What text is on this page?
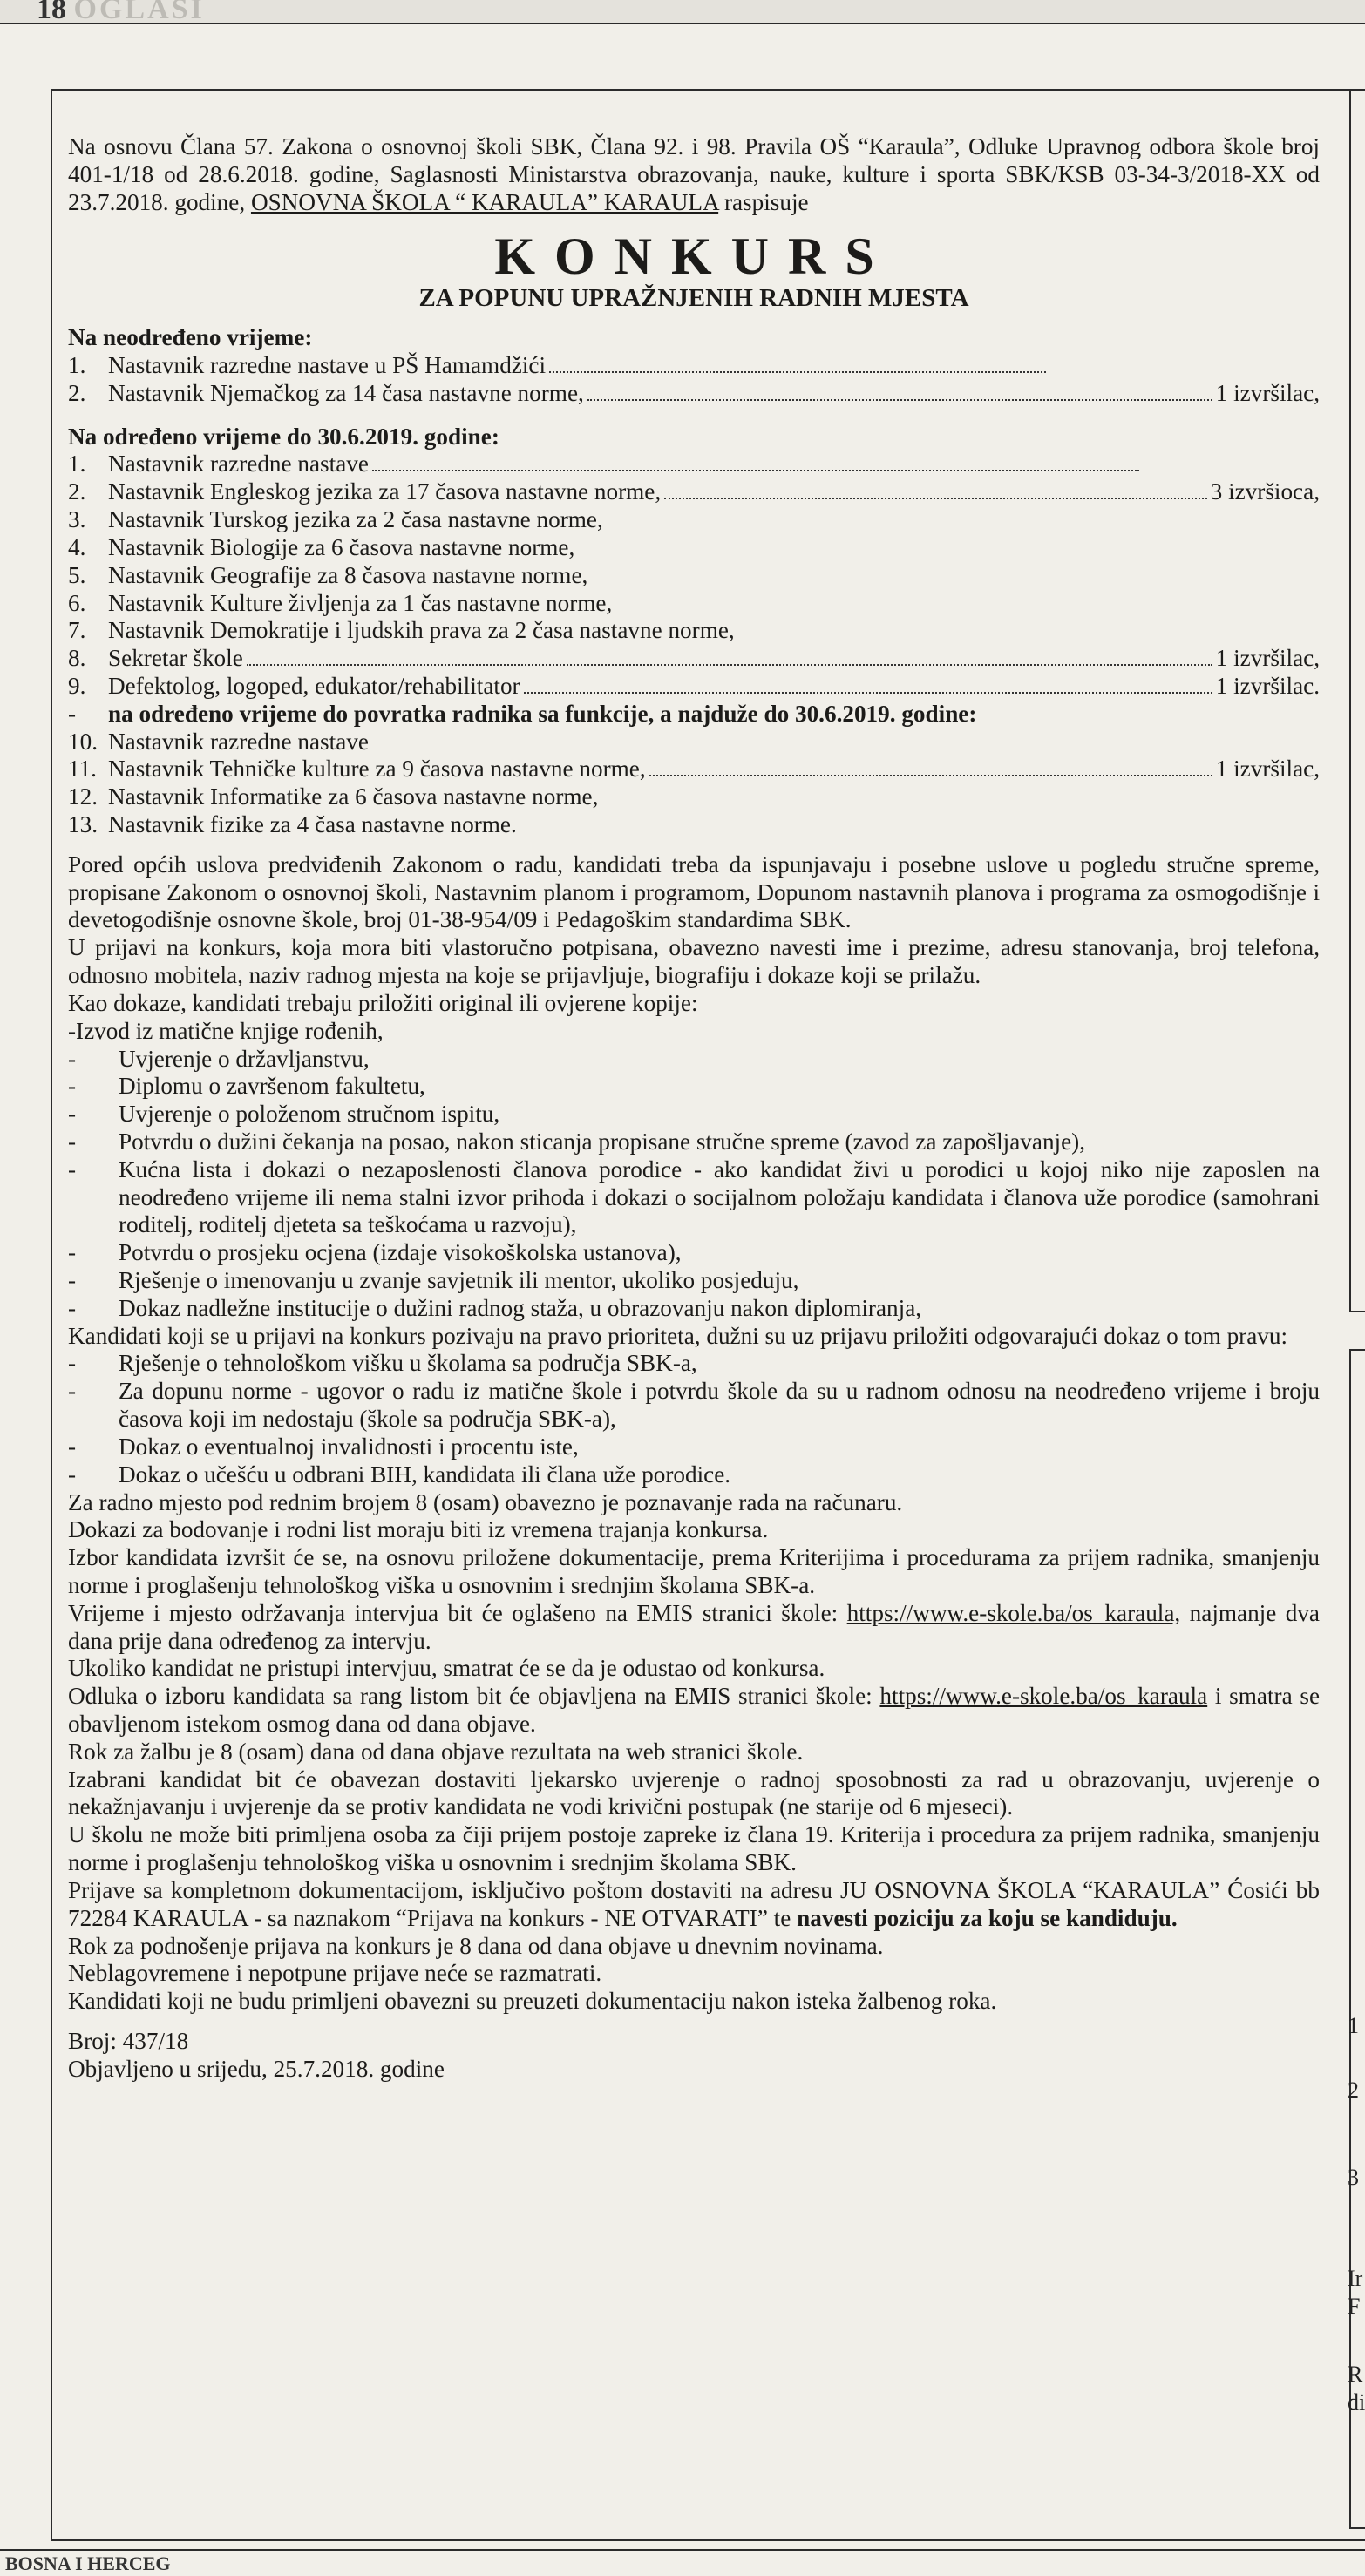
18 OGLASI
1
2
3
Ir
F
R
di

Na osnovu Člana 57. Zakona o osnovnoj školi SBK, Člana 92. i 98. Pravila OŠ “Karaula”, Odluke Upravnog odbora škole broj 401-1/18 od 28.6.2018. godine, Saglasnosti Ministarstva obrazovanja, nauke, kulture i sporta SBK/KSB 03-34-3/2018-XX od 23.7.2018. godine, OSNOVNA ŠKOLA “ KARAULA” KARAULA raspisuje

KONKURS
ZA POPUNU UPRAŽNJENIH RADNIH MJESTA
Na neodređeno vrijeme:
1. Nastavnik razredne nastave u PŠ Hamamdžići
2. Nastavnik Njemačkog za 14 časa nastavne norme,	1 izvršilac,
Na određeno vrijeme do 30.6.2019. godine:
1. Nastavnik razredne nastave
2. Nastavnik Engleskog jezika za 17 časova nastavne norme,	3 izvršioca,
3. Nastavnik Turskog jezika za 2 časa nastavne norme,
4. Nastavnik Biologije za 6 časova nastavne norme,
5. Nastavnik Geografije za 8 časova nastavne norme,
6. Nastavnik Kulture življenja za 1 čas nastavne norme,
7. Nastavnik Demokratije i ljudskih prava za 2 časa nastavne norme,
8. Sekretar škole	1 izvršilac,
9. Defektolog, logoped, edukator/rehabilitator	1 izvršilac.
-	na određeno vrijeme do povratka radnika sa funkcije, a najduže do 30.6.2019. godine:
10. Nastavnik razredne nastave
11. Nastavnik Tehničke kulture za 9 časova nastavne norme,	1 izvršilac,
12. Nastavnik Informatike za 6 časova nastavne norme,
13. Nastavnik fizike za 4 časa nastavne norme.

Pored općih uslova predviđenih Zakonom o radu, kandidati treba da ispunjavaju i posebne uslove u pogledu stručne spreme, propisane Zakonom o osnovnoj školi, Nastavnim planom i programom, Dopunom nastavnih planova i programa za osmogodišnje i devetogodišnje osnovne škole, broj 01-38-954/09 i Pedagoškim standardima SBK.

U prijavi na konkurs, koja mora biti vlastoručno potpisana, obavezno navesti ime i prezime, adresu stanovanja, broj telefona, odnosno mobitela, naziv radnog mjesta na koje se prijavljuje, biografiju i dokaze koji se prilažu.

Kao dokaze, kandidati trebaju priložiti original ili ovjerene kopije:

-Izvod iz matične knjige rođenih,

-	Uvjerenje o državljanstvu,
-	Diplomu o završenom fakultetu,
-	Uvjerenje o položenom stručnom ispitu,
-	Potvrdu o dužini čekanja na posao, nakon sticanja propisane stručne spreme (zavod za zapošljavanje),
-	Kućna lista i dokazi o nezaposlenosti članova porodice - ako kandidat živi u porodici u kojoj niko nije zaposlen na neodređeno vrijeme ili nema stalni izvor prihoda i dokazi o socijalnom položaju kandidata i članova uže porodice (samohrani roditelj, roditelj djeteta sa teškoćama u razvoju),
-	Potvrdu o prosjeku ocjena (izdaje visokoškolska ustanova),
-	Rješenje o imenovanju u zvanje savjetnik ili mentor, ukoliko posjeduju,
-	Dokaz nadležne institucije o dužini radnog staža, u obrazovanju nakon diplomiranja,

Kandidati koji se u prijavi na konkurs pozivaju na pravo prioriteta, dužni su uz prijavu priložiti odgovarajući dokaz o tom pravu:

-	Rješenje o tehnološkom višku u školama sa područja SBK-a,
-	Za dopunu norme - ugovor o radu iz matične škole i potvrdu škole da su u radnom odnosu na neodređeno vrijeme i broju časova koji im nedostaju (škole sa područja SBK-a),
-	Dokaz o eventualnoj invalidnosti i procentu iste,
-	Dokaz o učešću u odbrani BIH, kandidata ili člana uže porodice.

Za radno mjesto pod rednim brojem 8 (osam) obavezno je poznavanje rada na računaru.

Dokazi za bodovanje i rodni list moraju biti iz vremena trajanja konkursa.

Izbor kandidata izvršit će se, na osnovu priložene dokumentacije, prema Kriterijima i procedurama za prijem radnika, smanjenju norme i proglašenju tehnološkog viška u osnovnim i srednjim školama SBK-a.

Vrijeme i mjesto održavanja intervjua bit će oglašeno na EMIS stranici škole: https://www.e-skole.ba/os_karaula, najmanje dva dana prije dana određenog za intervju.

Ukoliko kandidat ne pristupi intervjuu, smatrat će se da je odustao od konkursa.

Odluka o izboru kandidata sa rang listom bit će objavljena na EMIS stranici škole: https://www.e-skole.ba/os_karaula i smatra se obavljenom istekom osmog dana od dana objave.

Rok za žalbu je 8 (osam) dana od dana objave rezultata na web stranici škole.

Izabrani kandidat bit će obavezan dostaviti ljekarsko uvjerenje o radnoj sposobnosti za rad u obrazovanju, uvjerenje o nekažnjavanju i uvjerenje da se protiv kandidata ne vodi krivični postupak (ne starije od 6 mjeseci).

U školu ne može biti primljena osoba za čiji prijem postoje zapreke iz člana 19. Kriterija i procedura za prijem radnika, smanjenju norme i proglašenju tehnološkog viška u osnovnim i srednjim školama SBK.

Prijave sa kompletnom dokumentacijom, isključivo poštom dostaviti na adresu JU OSNOVNA ŠKOLA “KARAULA” Ćosići bb 72284 KARAULA - sa naznakom “Prijava na konkurs - NE OTVARATI” te navesti poziciju za koju se kandiduju.

Rok za podnošenje prijava na konkurs je 8 dana od dana objave u dnevnim novinama.

Neblagovremene i nepotpune prijave neće se razmatrati.

Kandidati koji ne budu primljeni obavezni su preuzeti dokumentaciju nakon isteka žalbenog roka.

Broj: 437/18
Objavljeno u srijedu, 25.7.2018. godine
BOSNA I HERCEG
